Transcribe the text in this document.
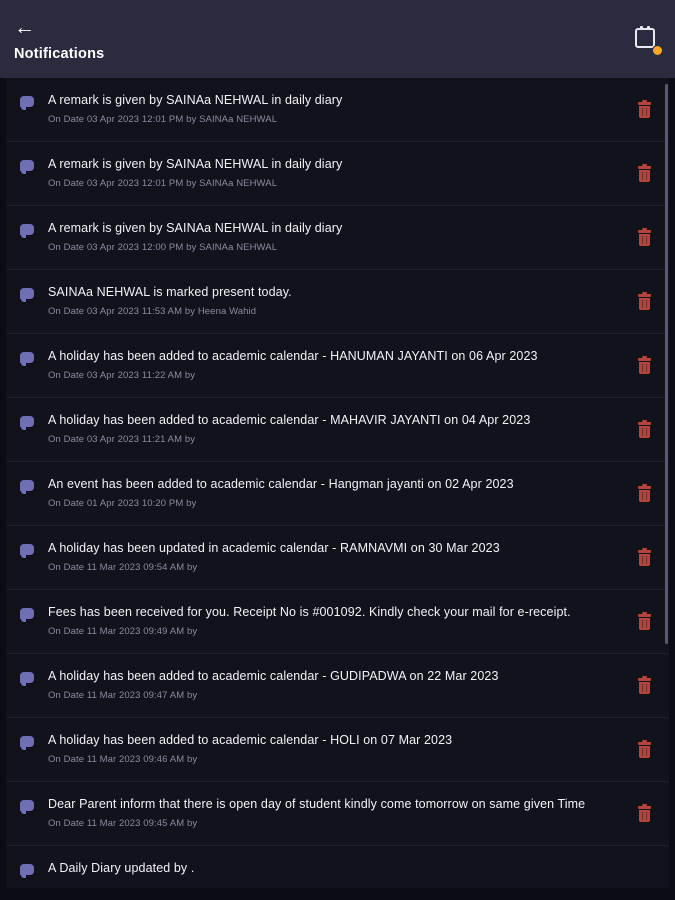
←
Notifications
A remark is given by SAINAa NEHWAL in daily diary
On Date 03 Apr 2023 12:01 PM by SAINAa NEHWAL
A remark is given by SAINAa NEHWAL in daily diary
On Date 03 Apr 2023 12:01 PM by SAINAa NEHWAL
A remark is given by SAINAa NEHWAL in daily diary
On Date 03 Apr 2023 12:00 PM by SAINAa NEHWAL
SAINAa NEHWAL is marked present today.
On Date 03 Apr 2023 11:53 AM by Heena Wahid
A holiday has been added to academic calendar - HANUMAN JAYANTI on 06 Apr 2023
On Date 03 Apr 2023 11:22 AM by
A holiday has been added to academic calendar - MAHAVIR JAYANTI on 04 Apr 2023
On Date 03 Apr 2023 11:21 AM by
An event has been added to academic calendar - Hangman jayanti on 02 Apr 2023
On Date 01 Apr 2023 10:20 PM by
A holiday has been updated in academic calendar - RAMNAVMI on 30 Mar 2023
On Date 11 Mar 2023 09:54 AM by
Fees has been received for you. Receipt No is #001092. Kindly check your mail for e-receipt.
On Date 11 Mar 2023 09:49 AM by
A holiday has been added to academic calendar - GUDIPADWA on 22 Mar 2023
On Date 11 Mar 2023 09:47 AM by
A holiday has been added to academic calendar - HOLI on 07 Mar 2023
On Date 11 Mar 2023 09:46 AM by
Dear Parent inform that there is open day of student kindly come tomorrow on same given Time
On Date 11 Mar 2023 09:45 AM by
A Daily Diary updated by .
